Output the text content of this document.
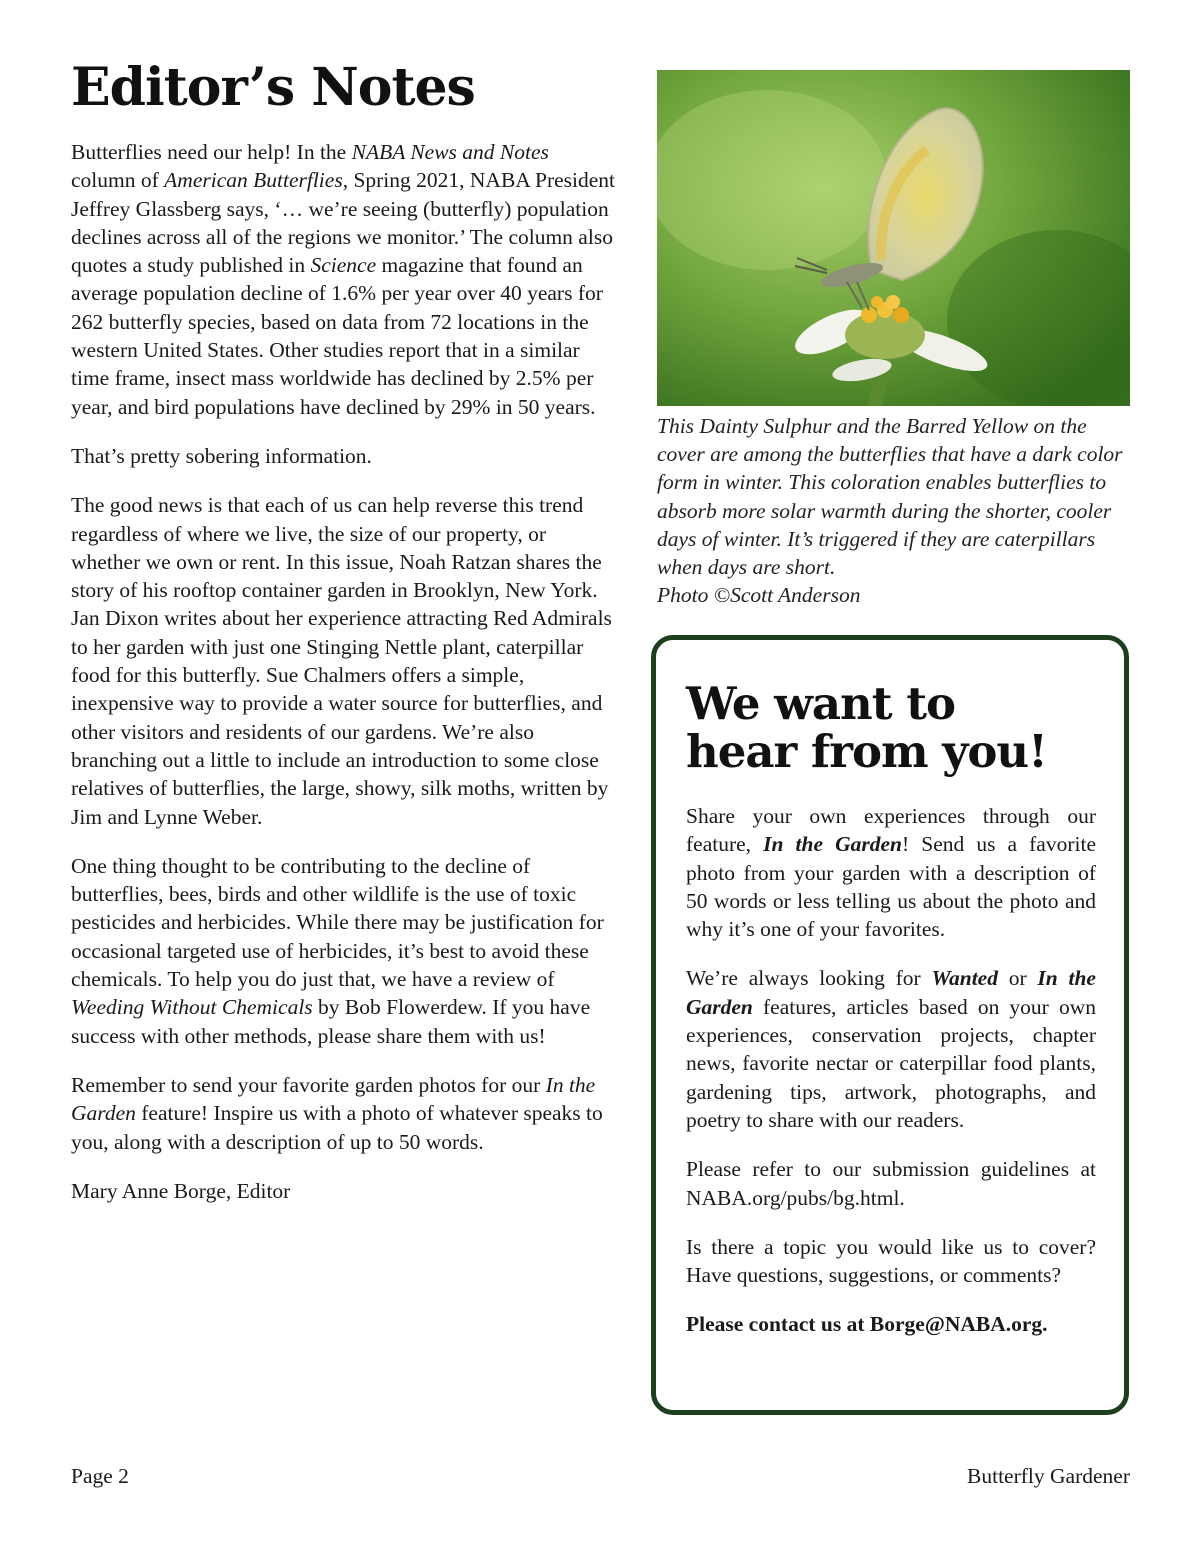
Editor’s Notes

Butterflies need our help! In the NABA News and Notes column of American Butterflies, Spring 2021, NABA President Jeffrey Glassberg says, ‘… we’re seeing (butterfly) population declines across all of the regions we monitor.’ The column also quotes a study published in Science magazine that found an average population decline of 1.6% per year over 40 years for 262 butterfly species, based on data from 72 locations in the western United States. Other studies report that in a similar time frame, insect mass worldwide has declined by 2.5% per year, and bird populations have declined by 29% in 50 years.

That’s pretty sobering information.

The good news is that each of us can help reverse this trend regardless of where we live, the size of our property, or whether we own or rent. In this issue, Noah Ratzan shares the story of his rooftop container garden in Brooklyn, New York. Jan Dixon writes about her experience attracting Red Admirals to her garden with just one Stinging Nettle plant, caterpillar food for this butterfly. Sue Chalmers offers a simple, inexpensive way to provide a water source for butterflies, and other visitors and residents of our gardens. We’re also branching out a little to include an introduction to some close relatives of butterflies, the large, showy, silk moths, written by Jim and Lynne Weber.

One thing thought to be contributing to the decline of butterflies, bees, birds and other wildlife is the use of toxic pesticides and herbicides. While there may be justification for occasional targeted use of herbicides, it’s best to avoid these chemicals. To help you do just that, we have a review of Weeding Without Chemicals by Bob Flowerdew. If you have success with other methods, please share them with us!

Remember to send your favorite garden photos for our In the Garden feature! Inspire us with a photo of whatever speaks to you, along with a description of up to 50 words.

Mary Anne Borge, Editor

This Dainty Sulphur and the Barred Yellow on the cover are among the butterflies that have a dark color form in winter. This coloration enables butterflies to absorb more solar warmth during the shorter, cooler days of winter. It’s triggered if they are caterpillars when days are short.
Photo ©Scott Anderson
We want to
hear from you!

Share your own experiences through our feature, In the Garden! Send us a favorite photo from your garden with a description of 50 words or less telling us about the photo and why it’s one of your favorites.

We’re always looking for Wanted or In the Garden features, articles based on your own experiences, conservation projects, chapter news, favorite nectar or caterpillar food plants, gardening tips, artwork, photographs, and poetry to share with our readers.

Please refer to our submission guidelines at NABA.org/pubs/bg.html.

Is there a topic you would like us to cover? Have questions, suggestions, or comments?

Please contact us at Borge@NABA.org.

Page 2	Butterfly Gardener
